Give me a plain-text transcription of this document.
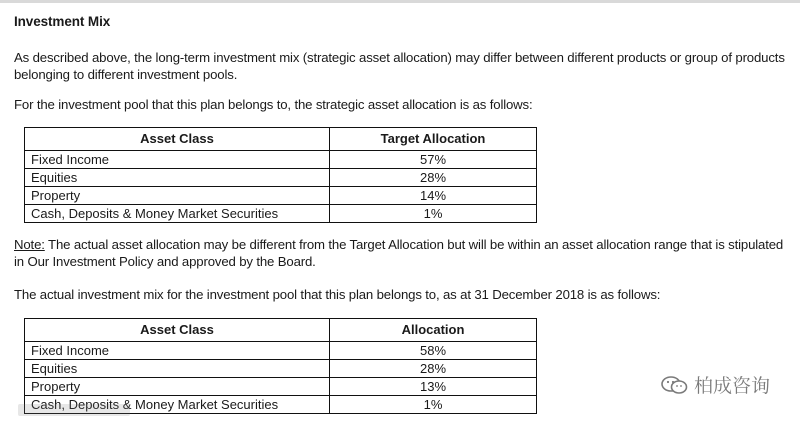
Investment Mix
As described above, the long-term investment mix (strategic asset allocation) may differ between different products or group of products belonging to different investment pools.
For the investment pool that this plan belongs to, the strategic asset allocation is as follows:
Asset Class	Target Allocation
Fixed Income	57%
Equities	28%
Property	14%
Cash, Deposits & Money Market Securities	1%
Note: The actual asset allocation may be different from the Target Allocation but will be within an asset allocation range that is stipulated in Our Investment Policy and approved by the Board.
The actual investment mix for the investment pool that this plan belongs to, as at 31 December 2018 is as follows:
Asset Class	Allocation
Fixed Income	58%
Equities	28%
Property	13%
Cash, Deposits & Money Market Securities	1%
柏成咨询
